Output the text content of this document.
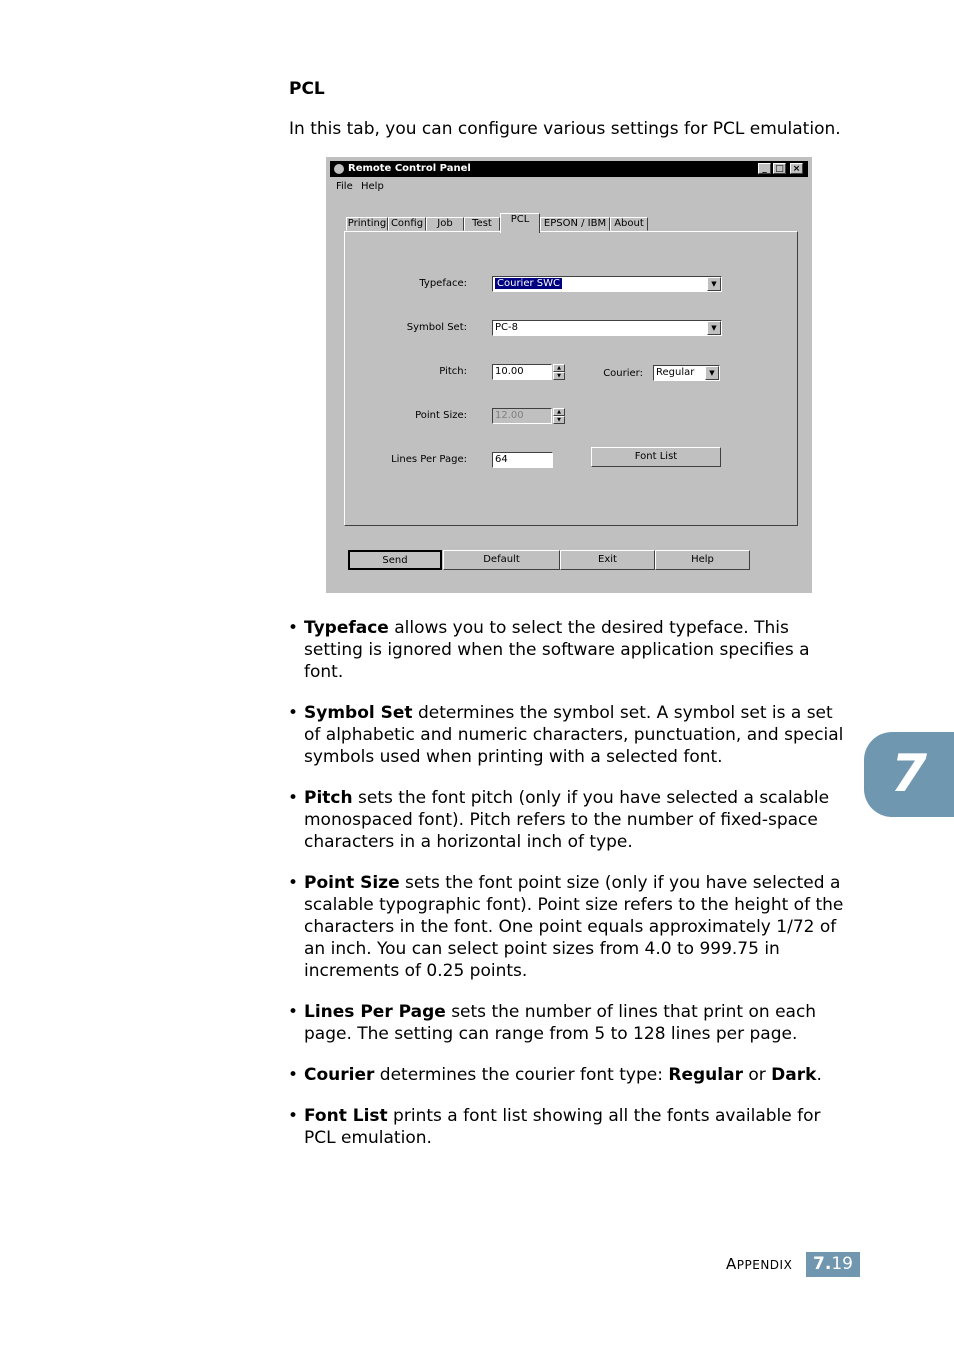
PCL
In this tab, you can configure various settings for PCL emulation.
Remote Control Panel	_ □ ×
File Help
Printing Config	Job	Test	PCL	EPSON / IBM About
Typeface:	Courier SWC	▼
Symbol Set:	PC-8	▼
Pitch:	10.00	▲
▼	Courier:	Regular	▼
Point Size:	12.00	▲
▼
Lines Per Page:	64	Font List
Send	Default	Exit	Help
• Typeface allows you to select the desired typeface. This setting is ignored when the software application specifies a font.
• Symbol Set determines the symbol set. A symbol set is a set of alphabetic and numeric characters, punctuation, and special symbols used when printing with a selected font.
• Pitch sets the font pitch (only if you have selected a scalable monospaced font). Pitch refers to the number of fixed-space characters in a horizontal inch of type.
• Point Size sets the font point size (only if you have selected a scalable typographic font). Point size refers to the height of the characters in the font. One point equals approximately 1/72 of an inch. You can select point sizes from 4.0 to 999.75 in increments of 0.25 points.
• Lines Per Page sets the number of lines that print on each page. The setting can range from 5 to 128 lines per page.
• Courier determines the courier font type: Regular or Dark.
• Font List prints a font list showing all the fonts available for PCL emulation.
7
APPENDIX	7.19
